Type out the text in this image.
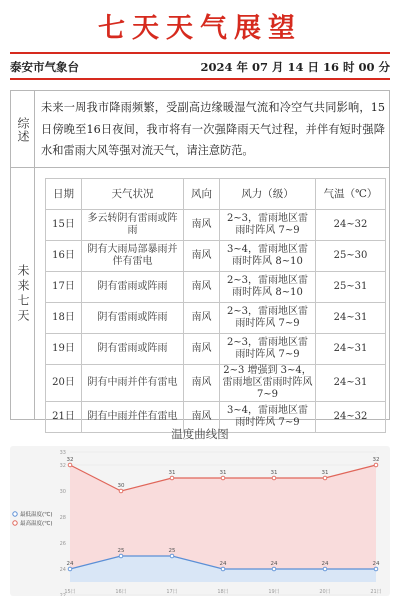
七天天气展望
泰安市气象台	2024 年 07 月 14 日 16 时 00 分
综述
未来一周我市降雨频繁，受副高边缘暖湿气流和冷空气共同影响，15日傍晚至16日夜间，我市将有一次强降雨天气过程，并伴有短时强降水和雷雨大风等强对流天气，请注意防范。
未来七天
日期	天气状况	风向	风力（级）	气温（℃）
15日	多云转阴有雷雨或阵雨	南风	2~3，雷雨地区雷雨时阵风 7~9	24~32
16日	阴有大雨局部暴雨并伴有雷电	南风	3~4，雷雨地区雷雨时阵风 8~10	25~30
17日	阴有雷雨或阵雨	南风	2~3，雷雨地区雷雨时阵风 8~10	25~31
18日	阴有雷雨或阵雨	南风	2~3，雷雨地区雷雨时阵风 7~9	24~31
19日	阴有雷雨或阵雨	南风	2~3，雷雨地区雷雨时阵风 7~9	24~31
20日	阴有中雨并伴有雷电	南风	2~3 增强到 3~4，雷雨地区雷雨时阵风 7~9	24~31
21日	阴有中雨并伴有雷电	南风	3~4，雷雨地区雷雨时阵风 7~9	24~32
温度曲线图
22
24
26
28
30
32
33
15日	16日	17日	18日	19日	20日	21日
24
25	25
24	24	24	24
32
30
31	31	31	31
32
最低温度(℃)
最高温度(℃)
